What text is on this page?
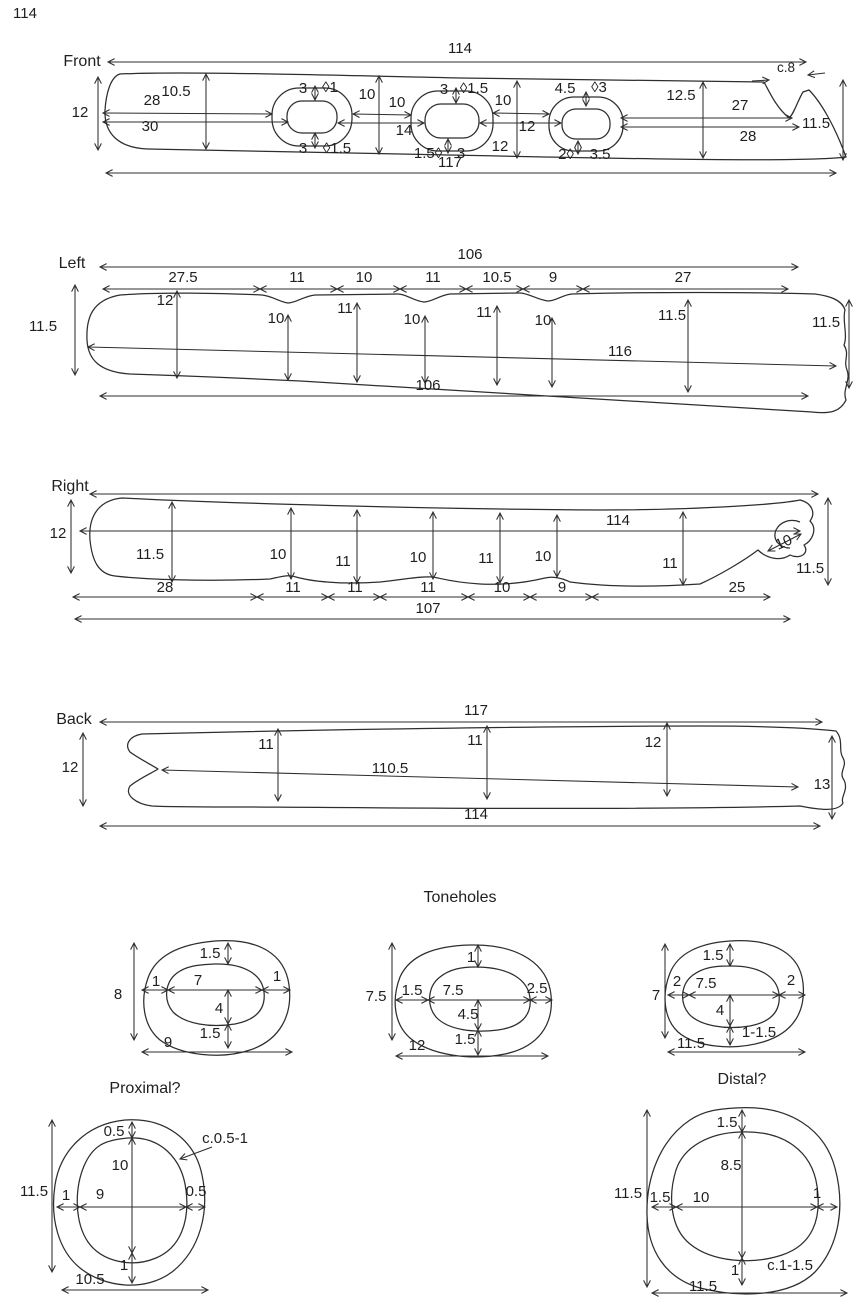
114
Front
114
c.8
12
28
30
10.5	3 ◊1
3 ◊1.5
10 10
14
3 ◊1.5
1.5◊ 3
10
12
12
4.5 ◊3
2◊ 3.5
12.5
27
28
11.5
117
Left
106
27.5	11	10	11	10.5 9	27
11.5
12
10
11
10	11	10	11.5	11.5
116
106
Right
12
114
11.5	10	11	10	11	10	11
10
11.5
28	11	11	11	10	9	25
107
Back
117
12
11	11	12
110.5
13
114
Toneholes
8
1.5
1 7	1
4
1.5
9
7.5
1
1.5 7.5	2.5
4.5
1.5
12
7
1.5
2 7.5	2
4
1-1.5
11.5
Proximal?
0.5	c.0.5-1
10
11.5 1 9	0.5
1
10.5
Distal?
1.5
8.5
11.5 1.5 10	1
1 c.1-1.5
11.5
